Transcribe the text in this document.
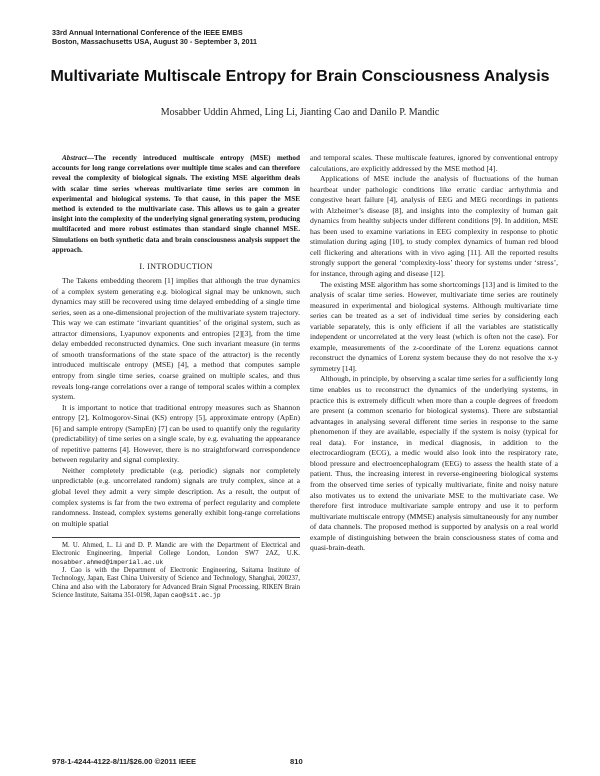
33rd Annual International Conference of the IEEE EMBS
Boston, Massachusetts USA, August 30 - September 3, 2011
Multivariate Multiscale Entropy for Brain Consciousness Analysis
Mosabber Uddin Ahmed, Ling Li, Jianting Cao and Danilo P. Mandic

Abstract—The recently introduced multiscale entropy (MSE) method accounts for long range correlations over multiple time scales and can therefore reveal the complexity of biological signals. The existing MSE algorithm deals with scalar time series whereas multivariate time series are common in experimental and biological systems. To that cause, in this paper the MSE method is extended to the multivariate case. This allows us to gain a greater insight into the complexity of the underlying signal generating system, producing multifaceted and more robust estimates than standard single channel MSE. Simulations on both synthetic data and brain consciousness analysis support the approach.

I. INTRODUCTION

The Takens embedding theorem [1] implies that although the true dynamics of a complex system generating e.g. biological signal may be unknown, such dynamics may still be recovered using time delayed embedding of a single time series, seen as a one-dimensional projection of the multivariate system trajectory. This way we can estimate ‘invariant quantities’ of the original system, such as attractor dimensions, Lyapunov exponents and entropies [2][3], from the time delay embedded reconstructed dynamics. One such invariant measure (in terms of smooth transformations of the state space of the attractor) is the recently introduced multiscale entropy (MSE) [4], a method that computes sample entropy from single time series, coarse grained on multiple scales, and thus reveals long-range correlations over a range of temporal scales within a complex system.

It is important to notice that traditional entropy measures such as Shannon entropy [2], Kolmogorov-Sinai (KS) entropy [5], approximate entropy (ApEn) [6] and sample entropy (SampEn) [7] can be used to quantify only the regularity (predictability) of time series on a single scale, by e.g. evaluating the appearance of repetitive patterns [4]. However, there is no straightforward correspondence between regularity and signal complexity.

Neither completely predictable (e.g. periodic) signals nor completely unpredictable (e.g. uncorrelated random) signals are truly complex, since at a global level they admit a very simple description. As a result, the output of complex systems is far from the two extrema of perfect regularity and complete randomness. Instead, complex systems generally exhibit long-range correlations on multiple spatial

M. U. Ahmed, L. Li and D. P. Mandic are with the Department of Electrical and Electronic Engineering, Imperial College London, London SW7 2AZ, U.K. mosabber.ahmed@imperial.ac.uk

J. Cao is with the Department of Electronic Engineering, Saitama Institute of Technology, Japan, East China University of Science and Technology, Shanghai, 200237, China and also with the Laboratory for Advanced Brain Signal Processing, RIKEN Brain Science Institute, Saitama 351-0198, Japan cao@sit.ac.jp

and temporal scales. These multiscale features, ignored by conventional entropy calculations, are explicitly addressed by the MSE method [4].

Applications of MSE include the analysis of fluctuations of the human heartbeat under pathologic conditions like erratic cardiac arrhythmia and congestive heart failure [4], analysis of EEG and MEG recordings in patients with Alzheimer’s disease [8], and insights into the complexity of human gait dynamics from healthy subjects under different conditions [9]. In addition, MSE has been used to examine variations in EEG complexity in response to photic stimulation during aging [10], to study complex dynamics of human red blood cell flickering and alterations with in vivo aging [11]. All the reported results strongly support the general ‘complexity-loss’ theory for systems under ‘stress’, for instance, through aging and disease [12].

The existing MSE algorithm has some shortcomings [13] and is limited to the analysis of scalar time series. However, multivariate time series are routinely measured in experimental and biological systems. Although multivariate time series can be treated as a set of individual time series by considering each variable separately, this is only efficient if all the variables are statistically independent or uncorrelated at the very least (which is often not the case). For example, measurements of the z-coordinate of the Lorenz equations cannot reconstruct the dynamics of Lorenz system because they do not resolve the x-y symmetry [14].

Although, in principle, by observing a scalar time series for a sufficiently long time enables us to reconstruct the dynamics of the underlying systems, in practice this is extremely difficult when more than a couple degrees of freedom are present (a common scenario for biological systems). There are substantial advantages in analysing several different time series in response to the same phenomenon if they are available, especially if the system is noisy (typical for real data). For instance, in medical diagnosis, in addition to the electrocardiogram (ECG), a medic would also look into the respiratory rate, blood pressure and electroencephalogram (EEG) to assess the health state of a patient. Thus, the increasing interest in reverse-engineering biological systems from the observed time series of typically multivariate, finite and noisy nature also motivates us to extend the univariate MSE to the multivariate case. We therefore first introduce multivariate sample entropy and use it to perform multivariate multiscale entropy (MMSE) analysis simultaneously for any number of data channels. The proposed method is supported by analysis on a real world example of distinguishing between the brain consciousness states of coma and quasi-brain-death.

978-1-4244-4122-8/11/$26.00 ©2011 IEEE	810
